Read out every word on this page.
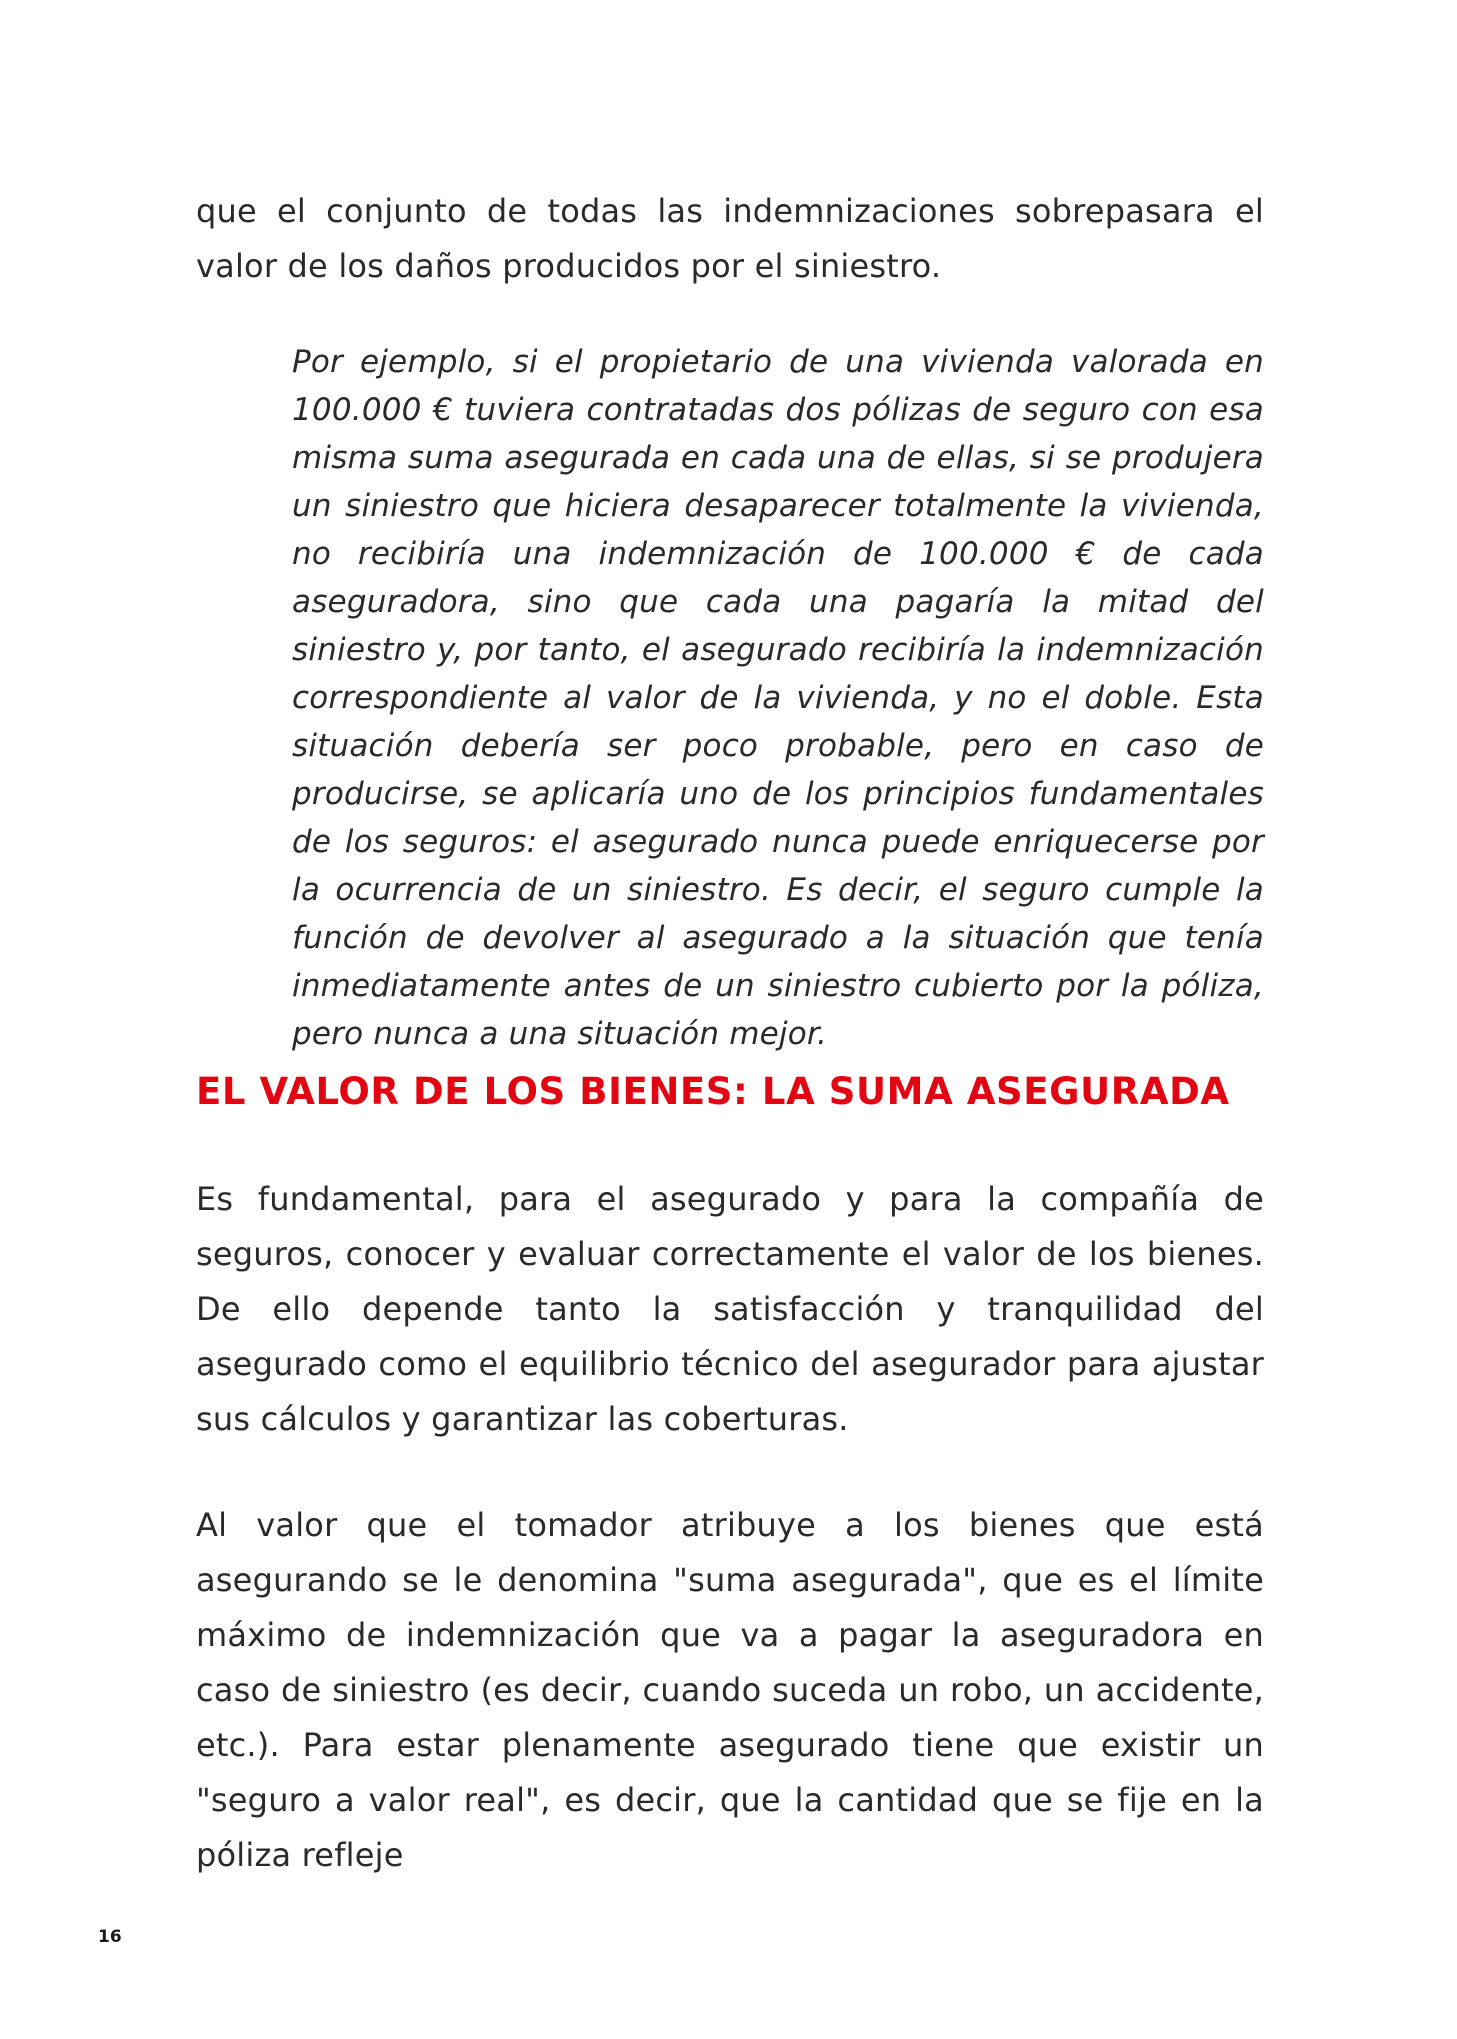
que el conjunto de todas las indemnizaciones sobrepasara el valor de los daños producidos por el siniestro.

Por ejemplo, si el propietario de una vivienda valorada en 100.000 € tuviera contratadas dos pólizas de seguro con esa misma suma asegurada en cada una de ellas, si se produjera un siniestro que hiciera desaparecer totalmente la vivienda, no recibiría una indemnización de 100.000 € de cada aseguradora, sino que cada una pagaría la mitad del siniestro y, por tanto, el asegurado recibiría la indemnización correspondiente al valor de la vivienda, y no el doble. Esta situación debería ser poco probable, pero en caso de producirse, se aplicaría uno de los principios fundamentales de los seguros: el asegurado nunca puede enriquecerse por la ocurrencia de un siniestro. Es decir, el seguro cumple la función de devolver al asegurado a la situación que tenía inmediatamente antes de un siniestro cubierto por la póliza, pero nunca a una situación mejor.

EL VALOR DE LOS BIENES: LA SUMA ASEGURADA

Es fundamental, para el asegurado y para la compañía de seguros, conocer y evaluar correctamente el valor de los bienes. De ello depende tanto la satisfacción y tranquilidad del asegurado como el equilibrio técnico del asegurador para ajustar sus cálculos y garantizar las coberturas.

Al valor que el tomador atribuye a los bienes que está asegurando se le denomina "suma asegurada", que es el límite máximo de indemnización que va a pagar la aseguradora en caso de siniestro (es decir, cuando suceda un robo, un accidente, etc.). Para estar plenamente asegurado tiene que existir un "seguro a valor real", es decir, que la cantidad que se fije en la póliza refleje

16
